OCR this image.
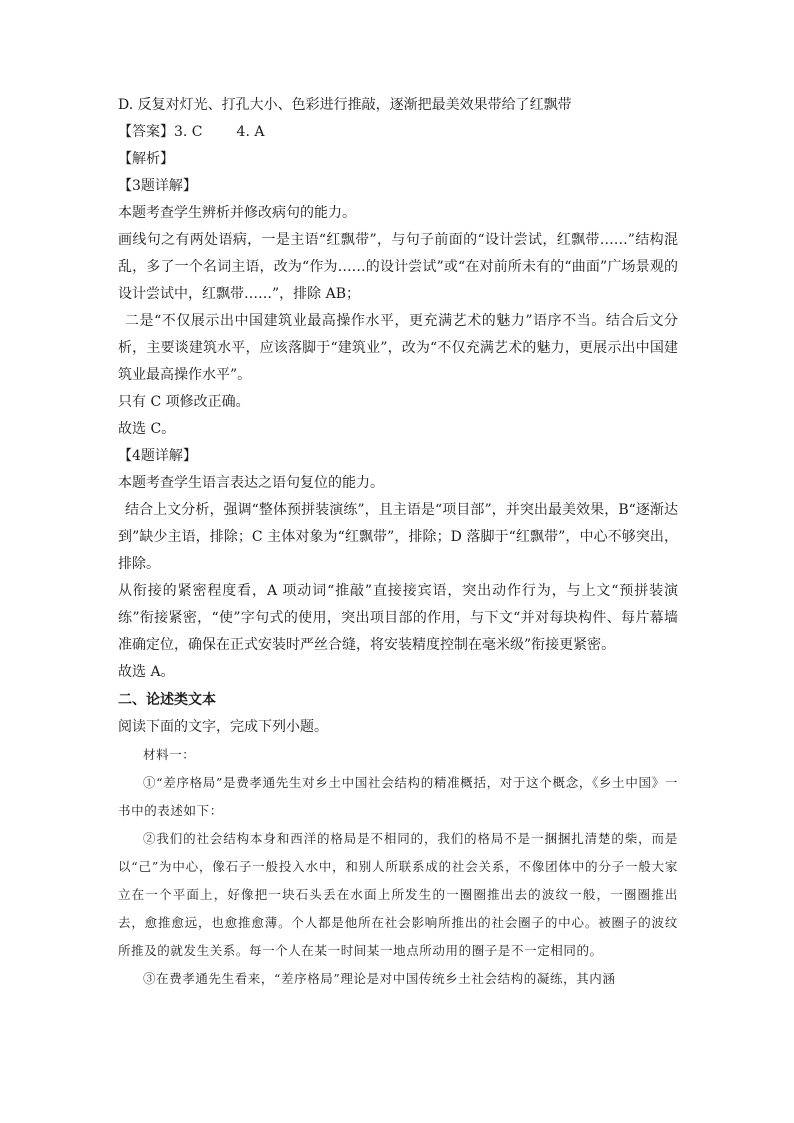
D. 反复对灯光、打孔大小、色彩进行推敲，逐渐把最美效果带给了红飘带
【答案】3. C 4. A
【解析】
【3题详解】
本题考查学生辨析并修改病句的能力。
画线句之有两处语病，一是主语“红飘带”，与句子前面的“设计尝试，红飘带……”结构混乱，多了一个名词主语，改为“作为……的设计尝试”或“在对前所未有的“曲面”广场景观的设计尝试中，红飘带……”，排除 AB；
二是“不仅展示出中国建筑业最高操作水平，更充满艺术的魅力”语序不当。结合后文分析，主要谈建筑水平，应该落脚于“建筑业”，改为“不仅充满艺术的魅力，更展示出中国建筑业最高操作水平”。
只有 C 项修改正确。
故选 C。
【4题详解】
本题考查学生语言表达之语句复位的能力。
结合上文分析，强调“整体预拼装演练”，且主语是“项目部”，并突出最美效果，B“逐渐达到”缺少主语，排除；C 主体对象为“红飘带”，排除；D 落脚于“红飘带”，中心不够突出，排除。
从衔接的紧密程度看，A 项动词“推敲”直接接宾语，突出动作行为，与上文“预拼装演练”衔接紧密，“使”字句式的使用，突出项目部的作用，与下文“并对每块构件、每片幕墙准确定位，确保在正式安装时严丝合缝，将安装精度控制在毫米级”衔接更紧密。
故选 A。
二、论述类文本
阅读下面的文字，完成下列小题。
材料一：
①“差序格局”是费孝通先生对乡土中国社会结构的精准概括，对于这个概念，《乡土中国》一书中的表述如下：
②我们的社会结构本身和西洋的格局是不相同的，我们的格局不是一捆捆扎清楚的柴，而是以“己”为中心，像石子一般投入水中，和别人所联系成的社会关系，不像团体中的分子一般大家立在一个平面上，好像把一块石头丢在水面上所发生的一圈圈推出去的波纹一般，一圈圈推出去，愈推愈远，也愈推愈薄。个人都是他所在社会影响所推出的社会圈子的中心。被圈子的波纹所推及的就发生关系。每一个人在某一时间某一地点所动用的圈子是不一定相同的。
③在费孝通先生看来，“差序格局”理论是对中国传统乡土社会结构的凝练，其内涵
